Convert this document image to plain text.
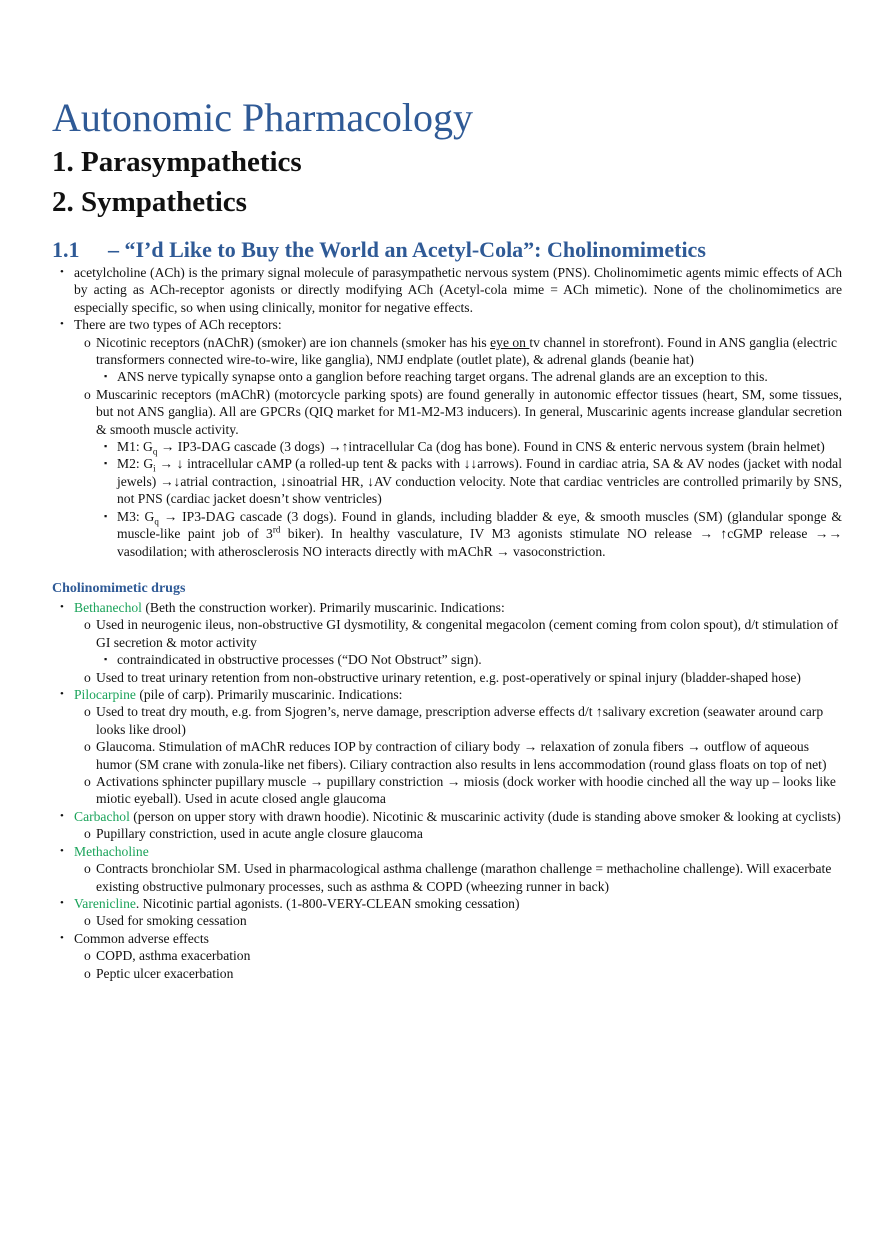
Autonomic Pharmacology
1. Parasympathetics
2. Sympathetics
1.1 – “I’d Like to Buy the World an Acetyl-Cola”: Cholinomimetics
• acetylcholine (ACh) is the primary signal molecule of parasympathetic nervous system (PNS). Cholinomimetic agents mimic effects of ACh by acting as ACh-receptor agonists or directly modifying ACh (Acetyl-cola mime = ACh mimetic). None of the cholinomimetics are especially specific, so when using clinically, monitor for negative effects.
• There are two types of ACh receptors:
o Nicotinic receptors (nAChR) (smoker) are ion channels (smoker has his eye on tv channel in storefront). Found in ANS ganglia (electric transformers connected wire-to-wire, like ganglia), NMJ endplate (outlet plate), & adrenal glands (beanie hat)
▪ ANS nerve typically synapse onto a ganglion before reaching target organs. The adrenal glands are an exception to this.
o Muscarinic receptors (mAChR) (motorcycle parking spots) are found generally in autonomic effector tissues (heart, SM, some tissues, but not ANS ganglia). All are GPCRs (QIQ market for M1-M2-M3 inducers). In general, Muscarinic agents increase glandular secretion & smooth muscle activity.
▪ M1: $G_q \to IP3-DAG$ cascade (3 dogs) →↑intracellular Ca (dog has bone). Found in CNS & enteric nervous system (brain helmet)
▪ M2: $G_i$ → ↓ intracellular cAMP (a rolled-up tent & packs with ↓↓arrows). Found in cardiac atria, SA & AV nodes (jacket with nodal jewels) →↓atrial contraction, ↓sinoatrial HR, ↓AV conduction velocity. Note that cardiac ventricles are controlled primarily by SNS, not PNS (cardiac jacket doesn’t show ventricles)
▪ M3: $G_q \to IP3-DAG$ cascade (3 dogs). Found in glands, including bladder & eye, & smooth muscles (SM) (glandular sponge & muscle-like paint job of 3rd biker). In healthy vasculature, IV M3 agonists stimulate NO release → ↑cGMP release →→ vasodilation; with atherosclerosis NO interacts directly with mAChR → vasoconstriction.
Cholinomimetic drugs
• Bethanechol (Beth the construction worker). Primarily muscarinic. Indications:
o Used in neurogenic ileus, non-obstructive GI dysmotility, & congenital megacolon (cement coming from colon spout), d/t stimulation of GI secretion & motor activity
▪ contraindicated in obstructive processes (“DO Not Obstruct” sign).
o Used to treat urinary retention from non-obstructive urinary retention, e.g. post-operatively or spinal injury (bladder-shaped hose)
• Pilocarpine (pile of carp). Primarily muscarinic. Indications:
o Used to treat dry mouth, e.g. from Sjogren’s, nerve damage, prescription adverse effects d/t ↑salivary excretion (seawater around carp looks like drool)
o Glaucoma. Stimulation of mAChR reduces IOP by contraction of ciliary body → relaxation of zonula fibers → outflow of aqueous humor (SM crane with zonula-like net fibers). Ciliary contraction also results in lens accommodation (round glass floats on top of net)
o Activations sphincter pupillary muscle → pupillary constriction → miosis (dock worker with hoodie cinched all the way up – looks like miotic eyeball). Used in acute closed angle glaucoma
• Carbachol (person on upper story with drawn hoodie). Nicotinic & muscarinic activity (dude is standing above smoker & looking at cyclists)
o Pupillary constriction, used in acute angle closure glaucoma
• Methacholine
o Contracts bronchiolar SM. Used in pharmacological asthma challenge (marathon challenge = methacholine challenge). Will exacerbate existing obstructive pulmonary processes, such as asthma & COPD (wheezing runner in back)
• Varenicline. Nicotinic partial agonists. (1-800-VERY-CLEAN smoking cessation)
o Used for smoking cessation
• Common adverse effects
o COPD, asthma exacerbation
o Peptic ulcer exacerbation
